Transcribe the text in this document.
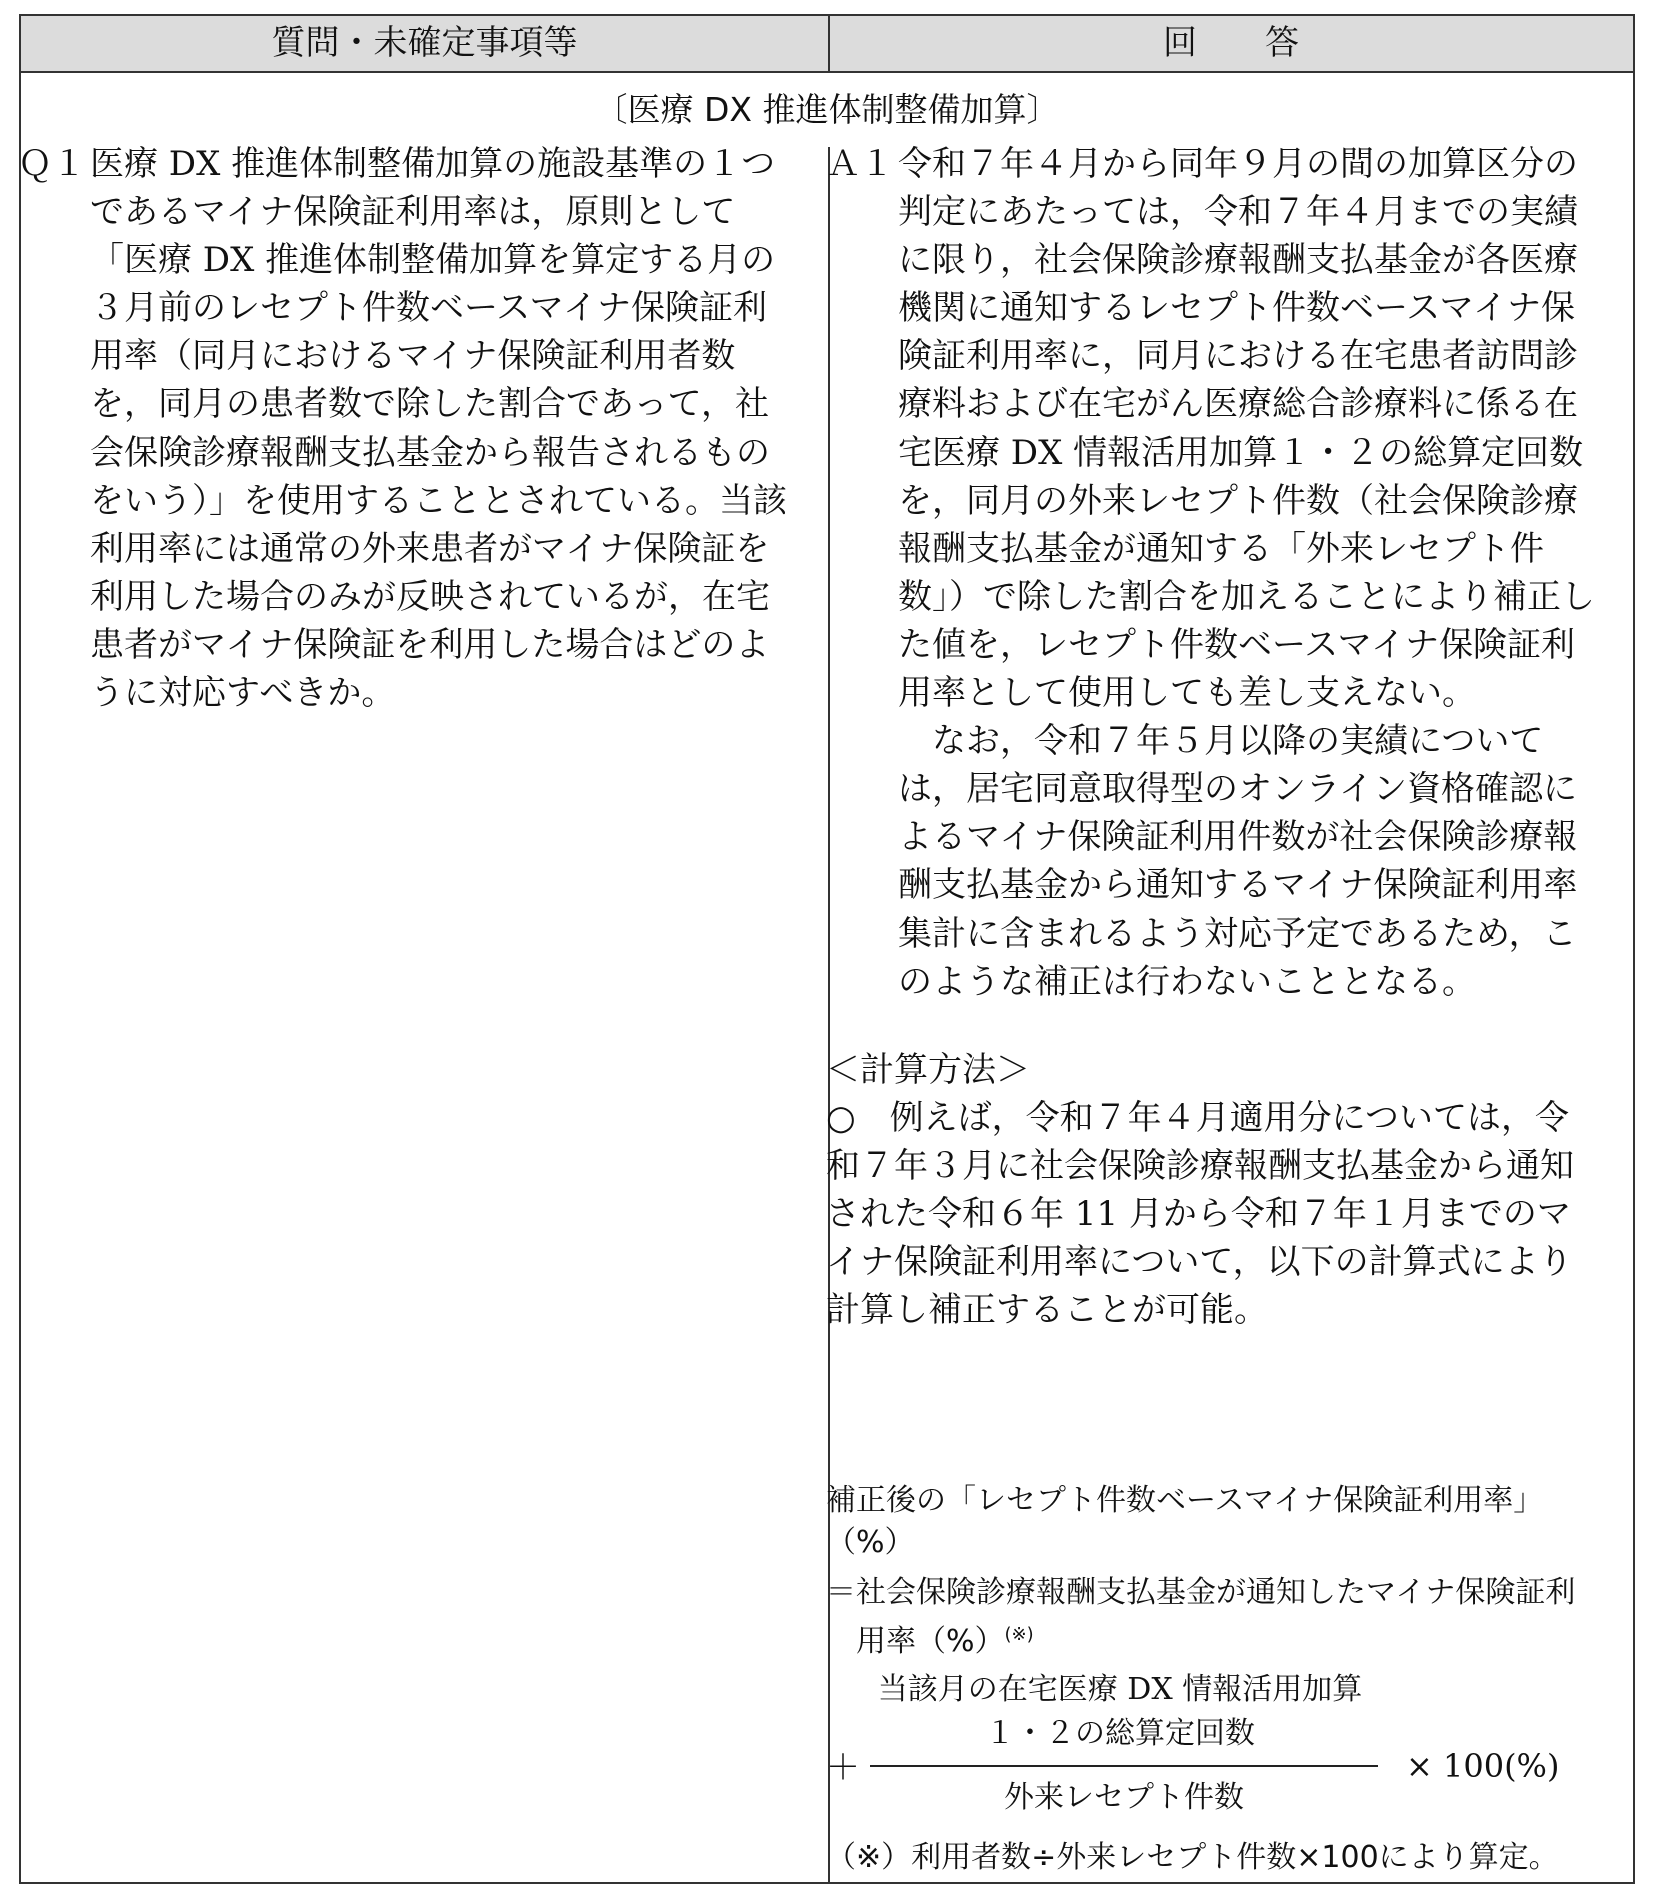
質問・未確定事項等	回　　答
〔医療 DX 推進体制整備加算〕
Ｑ１ 医療 DX 推進体制整備加算の施設基準の１つであるマイナ保険証利用率は，原則として「医療 DX 推進体制整備加算を算定する月の３月前のレセプト件数ベースマイナ保険証利用率（同月におけるマイナ保険証利用者数を，同月の患者数で除した割合であって，社会保険診療報酬支払基金から報告されるものをいう）」を使用することとされている。当該利用率には通常の外来患者がマイナ保険証を利用した場合のみが反映されているが，在宅患者がマイナ保険証を利用した場合はどのように対応すべきか。
Ａ１ 令和７年４月から同年９月の間の加算区分の判定にあたっては，令和７年４月までの実績に限り，社会保険診療報酬支払基金が各医療機関に通知するレセプト件数ベースマイナ保険証利用率に，同月における在宅患者訪問診療料および在宅がん医療総合診療料に係る在宅医療 DX 情報活用加算１・２の総算定回数を，同月の外来レセプト件数（社会保険診療報酬支払基金が通知する「外来レセプト件数」）で除した割合を加えることにより補正した値を，レセプト件数ベースマイナ保険証利用率として使用しても差し支えない。
なお，令和７年５月以降の実績については，居宅同意取得型のオンライン資格確認によるマイナ保険証利用件数が社会保険診療報酬支払基金から通知するマイナ保険証利用率集計に含まれるよう対応予定であるため，このような補正は行わないこととなる。
＜計算方法＞
○　例えば，令和７年４月適用分については，令和７年３月に社会保険診療報酬支払基金から通知された令和６年 11 月から令和７年１月までのマイナ保険証利用率について，以下の計算式により計算し補正することが可能。
補正後の「レセプト件数ベースマイナ保険証利用率」（%）
＝社会保険診療報酬支払基金が通知したマイナ保険証利用率（%）(※)
＋
当該月の在宅医療 DX 情報活用加算
１・２の総算定回数
外来レセプト件数
× 100(%)
（※）利用者数÷外来レセプト件数×100により算定。
